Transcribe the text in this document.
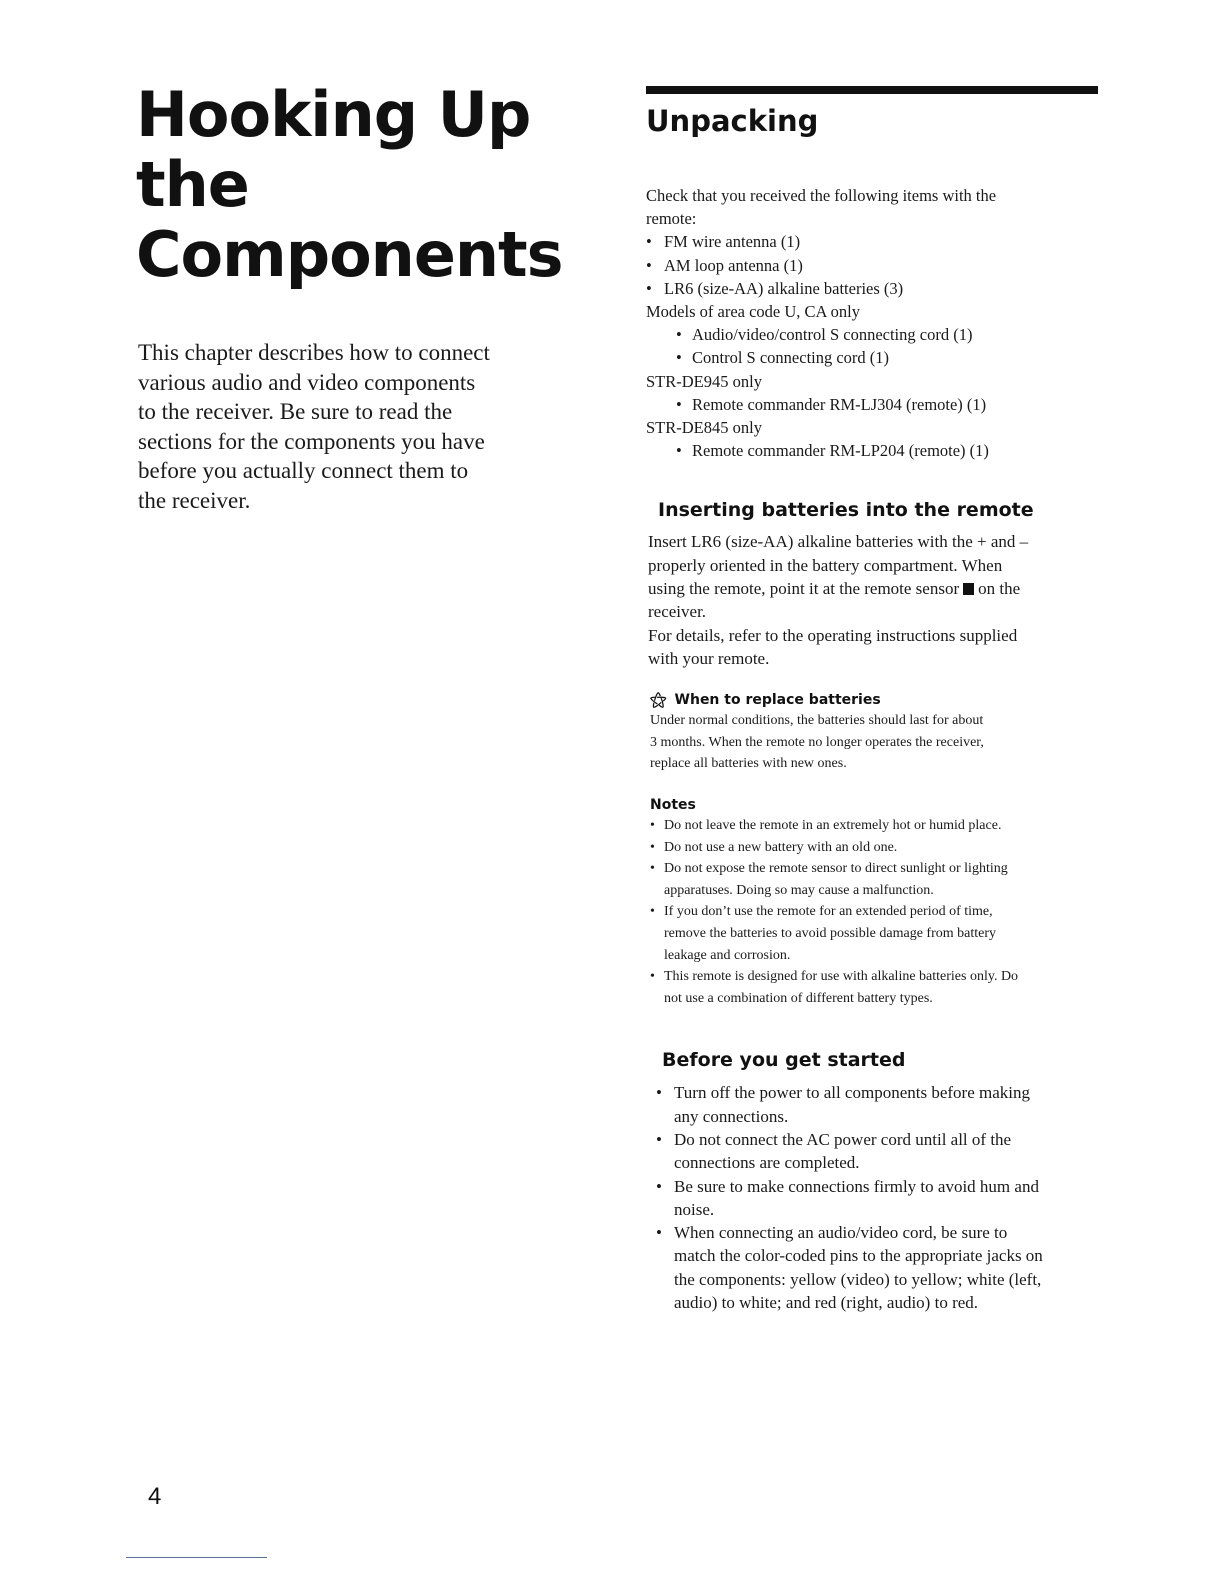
Hooking Up
the
Components

This chapter describes how to connect
various audio and video components
to the receiver. Be sure to read the
sections for the components you have
before you actually connect them to
the receiver.

Unpacking
Check that you received the following items with the
remote:
• FM wire antenna (1)
• AM loop antenna (1)
• LR6 (size-AA) alkaline batteries (3)
Models of area code U, CA only
• Audio/video/control S connecting cord (1)
• Control S connecting cord (1)
STR-DE945 only
• Remote commander RM-LJ304 (remote) (1)
STR-DE845 only
• Remote commander RM-LP204 (remote) (1)
Inserting batteries into the remote
Insert LR6 (size-AA) alkaline batteries with the + and –
properly oriented in the battery compartment. When
using the remote, point it at the remote sensor on the
receiver.
For details, refer to the operating instructions supplied
with your remote.
⚝ When to replace batteries
Under normal conditions, the batteries should last for about
3 months. When the remote no longer operates the receiver,
replace all batteries with new ones.
Notes
• Do not leave the remote in an extremely hot or humid place.
• Do not use a new battery with an old one.
• Do not expose the remote sensor to direct sunlight or lighting
apparatuses. Doing so may cause a malfunction.
• If you don’t use the remote for an extended period of time,
remove the batteries to avoid possible damage from battery
leakage and corrosion.
• This remote is designed for use with alkaline batteries only. Do
not use a combination of different battery types.
Before you get started
• Turn off the power to all components before making
any connections.
• Do not connect the AC power cord until all of the
connections are completed.
• Be sure to make connections firmly to avoid hum and
noise.
• When connecting an audio/video cord, be sure to
match the color-coded pins to the appropriate jacks on
the components: yellow (video) to yellow; white (left,
audio) to white; and red (right, audio) to red.
4
